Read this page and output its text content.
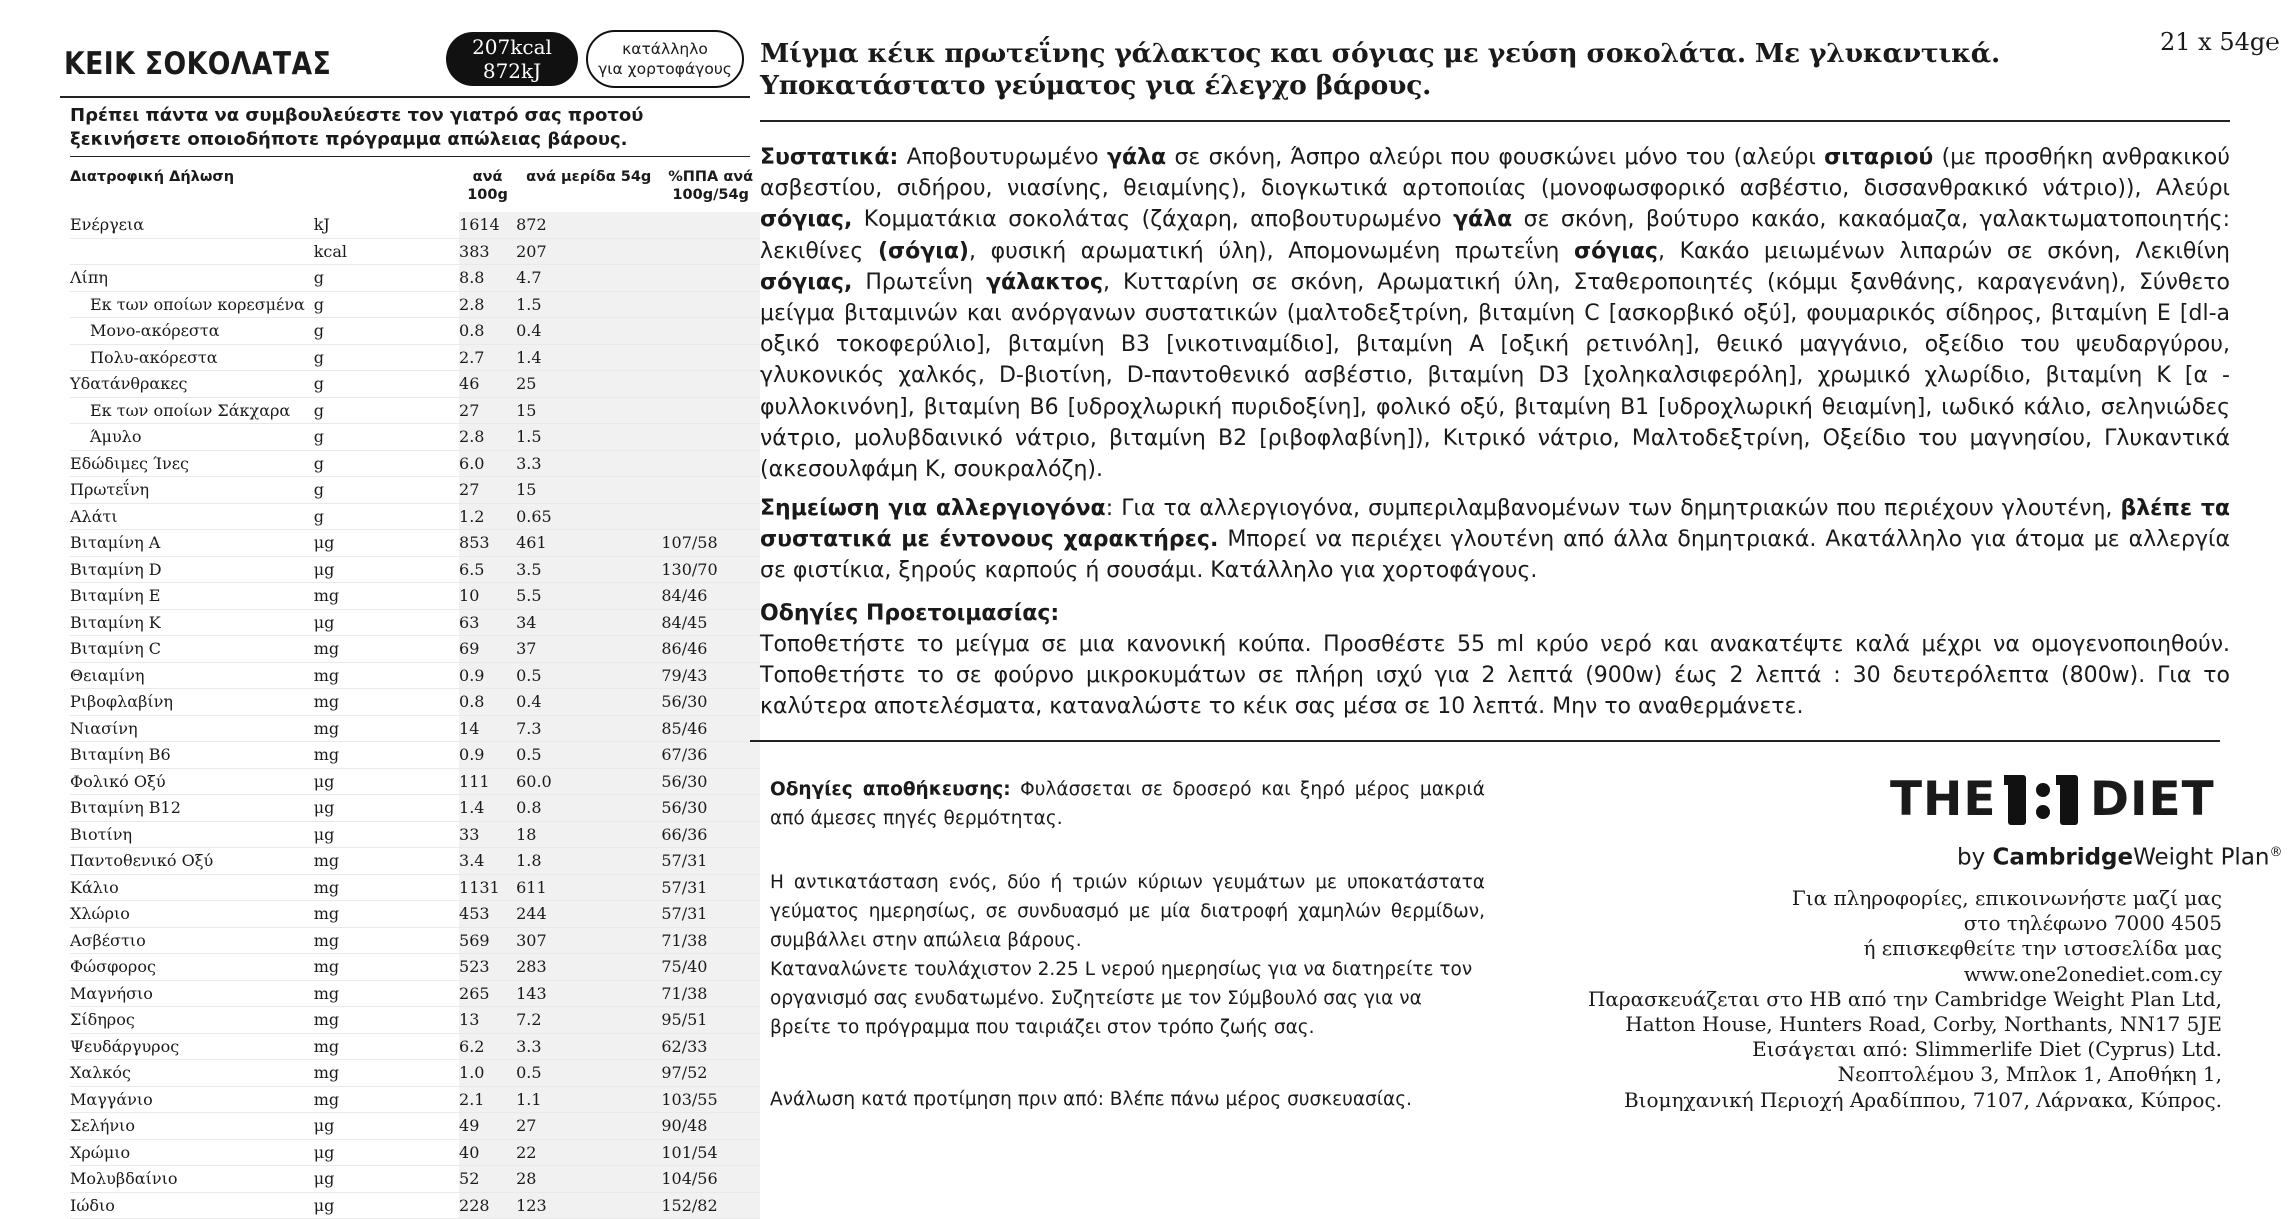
ΚΕΙΚ ΣΟΚΟΛΑΤΑΣ	207kcal
872kJ
κατάλληλο
για χορτοφάγους
Πρέπει πάντα να συμβουλεύεστε τον γιατρό σας προτού ξεκινήσετε οποιοδήποτε πρόγραμμα απώλειας βάρους.
Διατροφική Δήλωση		ανά 100g	ανά μερίδα 54g	%ΠΠΑ ανά 100g/54g
Ενέργεια	kJ	1614	872	
	kcal	383	207	
Λίπη	g	8.8	4.7	
Εκ των οποίων κορεσμένα	g	2.8	1.5	
Μονο-ακόρεστα	g	0.8	0.4	
Πολυ-ακόρεστα	g	2.7	1.4	
Υδατάνθρακες	g	46	25	
Εκ των οποίων Σάκχαρα	g	27	15	
Άμυλο	g	2.8	1.5	
Εδώδιμες Ίνες	g	6.0	3.3	
Πρωτεΐνη	g	27	15	
Αλάτι	g	1.2	0.65	
Βιταμίνη A	μg	853	461	107/58
Βιταμίνη D	μg	6.5	3.5	130/70
Βιταμίνη E	mg	10	5.5	84/46
Βιταμίνη K	μg	63	34	84/45
Βιταμίνη C	mg	69	37	86/46
Θειαμίνη	mg	0.9	0.5	79/43
Ριβοφλαβίνη	mg	0.8	0.4	56/30
Νιασίνη	mg	14	7.3	85/46
Βιταμίνη B6	mg	0.9	0.5	67/36
Φολικό Οξύ	μg	111	60.0	56/30
Βιταμίνη B12	μg	1.4	0.8	56/30
Βιοτίνη	μg	33	18	66/36
Παντοθενικό Οξύ	mg	3.4	1.8	57/31
Κάλιο	mg	1131	611	57/31
Χλώριο	mg	453	244	57/31
Ασβέστιο	mg	569	307	71/38
Φώσφορος	mg	523	283	75/40
Μαγνήσιο	mg	265	143	71/38
Σίδηρος	mg	13	7.2	95/51
Ψευδάργυρος	mg	6.2	3.3	62/33
Χαλκός	mg	1.0	0.5	97/52
Μαγγάνιο	mg	2.1	1.1	103/55
Σελήνιο	μg	49	27	90/48
Χρώμιο	μg	40	22	101/54
Μολυβδαίνιο	μg	52	28	104/56
Ιώδιο	μg	228	123	152/82
Μίγμα κέικ πρωτεΐνης γάλακτος και σόγιας με γεύση σοκολάτα. Με γλυκαντικά.
Υποκατάστατο γεύματος για έλεγχο βάρους.
21 x 54g℮

Συστατικά: Αποβουτυρωμένο γάλα σε σκόνη, Άσπρο αλεύρι που φουσκώνει μόνο του (αλεύρι σιταριού (με προσθήκη ανθρακικού ασβεστίου, σιδήρου, νιασίνης, θειαμίνης), διογκωτικά αρτοποιίας (μονοφωσφορικό ασβέστιο, δισσανθρακικό νάτριο)), Αλεύρι σόγιας, Κομματάκια σοκολάτας (ζάχαρη, αποβουτυρωμένο γάλα σε σκόνη, βούτυρο κακάο, κακαόμαζα, γαλακτωματοποιητής: λεκιθίνες (σόγια), φυσική αρωματική ύλη), Απομονωμένη πρωτεΐνη σόγιας, Κακάο μειωμένων λιπαρών σε σκόνη, Λεκιθίνη σόγιας, Πρωτεΐνη γάλακτος, Κυτταρίνη σε σκόνη, Αρωματική ύλη, Σταθεροποιητές (κόμμι ξανθάνης, καραγενάνη), Σύνθετο μείγμα βιταμινών και ανόργανων συστατικών (μαλτοδεξτρίνη, βιταμίνη C [ασκορβικό οξύ], φουμαρικός σίδηρος, βιταμίνη E [dl-a οξικό τοκοφερύλιο], βιταμίνη B3 [νικοτιναμίδιο], βιταμίνη A [οξική ρετινόλη], θειικό μαγγάνιο, οξείδιο του ψευδαργύρου, γλυκονικός χαλκός, D-βιοτίνη, D-παντοθενικό ασβέστιο, βιταμίνη D3 [χοληκαλσιφερόλη], χρωμικό χλωρίδιο, βιταμίνη K [α - φυλλοκινόνη], βιταμίνη B6 [υδροχλωρική πυριδοξίνη], φολικό οξύ, βιταμίνη B1 [υδροχλωρική θειαμίνη], ιωδικό κάλιο, σεληνιώδες νάτριο, μολυβδαινικό νάτριο, βιταμίνη B2 [ριβοφλαβίνη]), Κιτρικό νάτριο, Μαλτοδεξτρίνη, Οξείδιο του μαγνησίου, Γλυκαντικά (ακεσουλφάμη K, σουκραλόζη).

Σημείωση για αλλεργιογόνα: Για τα αλλεργιογόνα, συμπεριλαμβανομένων των δημητριακών που περιέχουν γλουτένη, βλέπε τα συστατικά με έντονους χαρακτήρες. Μπορεί να περιέχει γλουτένη από άλλα δημητριακά. Ακατάλληλο για άτομα με αλλεργία σε φιστίκια, ξηρούς καρπούς ή σουσάμι. Κατάλληλο για χορτοφάγους.

Οδηγίες Προετοιμασίας:

Τοποθετήστε το μείγμα σε μια κανονική κούπα. Προσθέστε 55 ml κρύο νερό και ανακατέψτε καλά μέχρι να ομογενοποιηθούν. Τοποθετήστε το σε φούρνο μικροκυμάτων σε πλήρη ισχύ για 2 λεπτά (900w) έως 2 λεπτά : 30 δευτερόλεπτα (800w). Για το καλύτερα αποτελέσματα, καταναλώστε το κέικ σας μέσα σε 10 λεπτά. Μην το αναθερμάνετε.

Οδηγίες αποθήκευσης: Φυλάσσεται σε δροσερό και ξηρό μέρος μακριά από άμεσες πηγές θερμότητας.

Η αντικατάσταση ενός, δύο ή τριών κύριων γευμάτων με υποκατάστατα γεύματος ημερησίως, σε συνδυασμό με μία διατροφή χαμηλών θερμίδων, συμβάλλει στην απώλεια βάρους.

Καταναλώνετε τουλάχιστον 2.25 L νερού ημερησίως για να διατηρείτε τον οργανισμό σας ενυδατωμένο. Συζητείστε με τον Σύμβουλό σας για να βρείτε το πρόγραμμα που ταιριάζει στον τρόπο ζωής σας.

Ανάλωση κατά προτίμηση πριν από: Βλέπε πάνω μέρος συσκευασίας.

THE DIET
by CambridgeWeight Plan®
Για πληροφορίες, επικοινωνήστε μαζί μας
στο τηλέφωνο 7000 4505
ή επισκεφθείτε την ιστοσελίδα μας
www.one2onediet.com.cy
Παρασκευάζεται στο ΗΒ από την Cambridge Weight Plan Ltd,
Hatton House, Hunters Road, Corby, Northants, NN17 5JE
Εισάγεται από: Slimmerlife Diet (Cyprus) Ltd.
Νεοπτολέμου 3, Μπλοκ 1, Αποθήκη 1,
Βιομηχανική Περιοχή Αραδίππου, 7107, Λάρνακα, Κύπρος.
